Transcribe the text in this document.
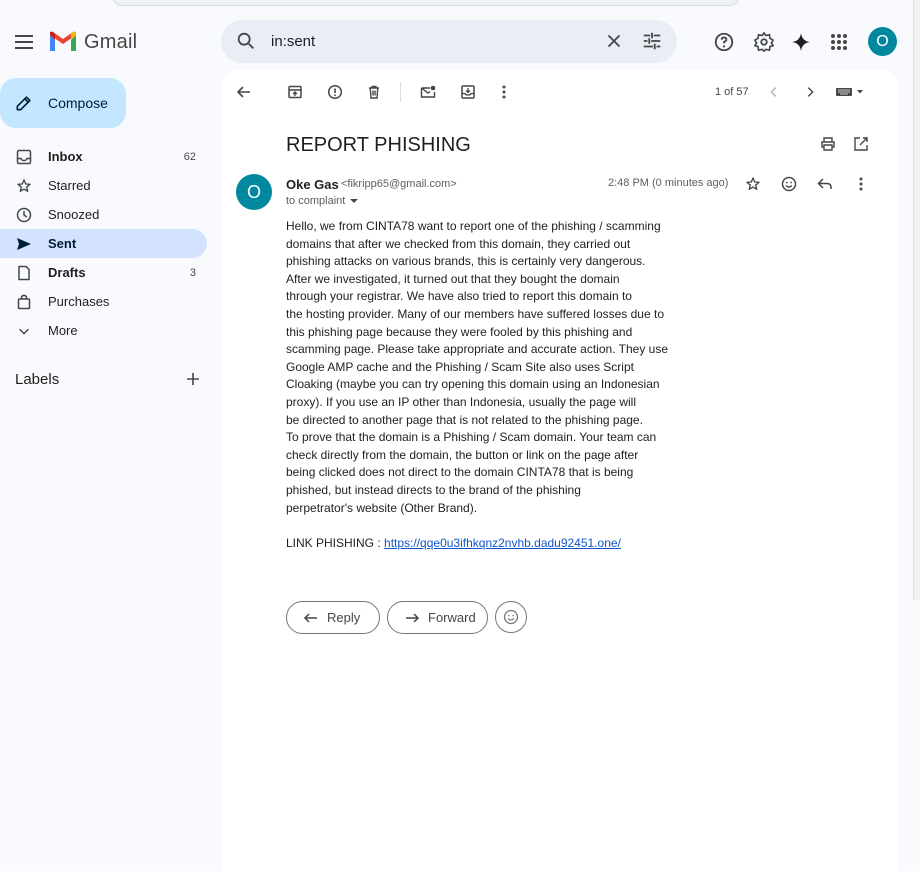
Gmail
in:sent	O
Compose
Inbox	62
Starred
Snoozed
Sent
Drafts	3
Purchases
More
Labels
1 of 57
REPORT PHISHING
O	Oke Gas <fikripp65@gmail.com>
to complaint
2:48 PM (0 minutes ago)
Hello, we from CINTA78 want to report one of the phishing / scamming
domains that after we checked from this domain, they carried out
phishing attacks on various brands, this is certainly very dangerous.
After we investigated, it turned out that they bought the domain
through your registrar. We have also tried to report this domain to
the hosting provider. Many of our members have suffered losses due to
this phishing page because they were fooled by this phishing and
scamming page. Please take appropriate and accurate action. They use
Google AMP cache and the Phishing / Scam Site also uses Script
Cloaking (maybe you can try opening this domain using an Indonesian
proxy). If you use an IP other than Indonesia, usually the page will
be directed to another page that is not related to the phishing page.
To prove that the domain is a Phishing / Scam domain. Your team can
check directly from the domain, the button or link on the page after
being clicked does not direct to the domain CINTA78 that is being
phished, but instead directs to the brand of the phishing
perpetrator's website (Other Brand).
LINK PHISHING : https://qqe0u3ifhkqnz2nvhb.dadu92451.one/
Reply	Forward
